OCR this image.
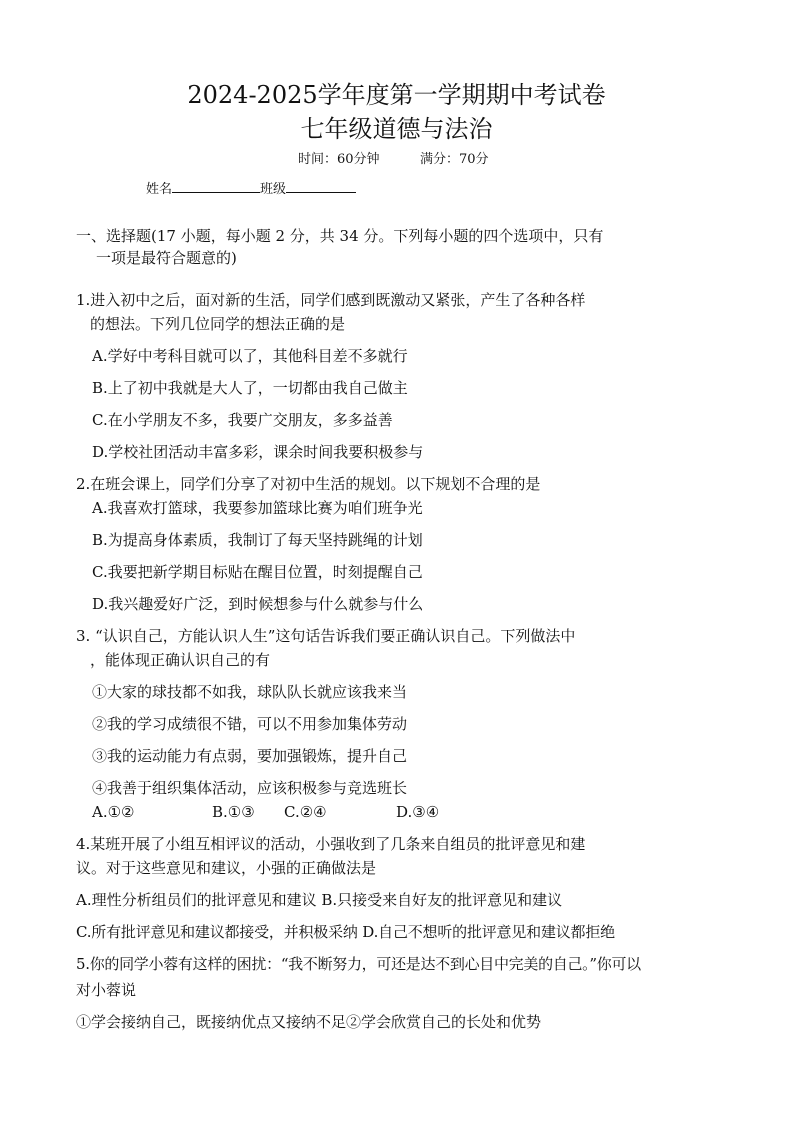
2024-2025学年度第一学期期中考试卷
七年级道德与法治
时间：60分钟	满分：70分
姓名	班级
一、选择题(17 小题，每小题 2 分，共 34 分。下列每小题的四个选项中，只有
一项是最符合题意的)
1.进入初中之后，面对新的生活，同学们感到既激动又紧张，产生了各种各样
的想法。下列几位同学的想法正确的是
A.学好中考科目就可以了，其他科目差不多就行
B.上了初中我就是大人了，一切都由我自己做主
C.在小学朋友不多，我要广交朋友，多多益善
D.学校社团活动丰富多彩，课余时间我要积极参与
2.在班会课上，同学们分享了对初中生活的规划。以下规划不合理的是
A.我喜欢打篮球，我要参加篮球比赛为咱们班争光
B.为提高身体素质，我制订了每天坚持跳绳的计划
C.我要把新学期目标贴在醒目位置，时刻提醒自己
D.我兴趣爱好广泛，到时候想参与什么就参与什么
3. “认识自己，方能认识人生”这句话告诉我们要正确认识自己。下列做法中
，能体现正确认识自己的有
①大家的球技都不如我，球队队长就应该我来当
②我的学习成绩很不错，可以不用参加集体劳动
③我的运动能力有点弱，要加强锻炼，提升自己
④我善于组织集体活动，应该积极参与竞选班长
A.①②	B.①③ C.②④	D.③④
4.某班开展了小组互相评议的活动，小强收到了几条来自组员的批评意见和建
议。对于这些意见和建议，小强的正确做法是
A.理性分析组员们的批评意见和建议 B.只接受来自好友的批评意见和建议
C.所有批评意见和建议都接受，并积极采纳 D.自己不想听的批评意见和建议都拒绝
5.你的同学小蓉有这样的困扰：“我不断努力，可还是达不到心目中完美的自己。”你可以
对小蓉说
①学会接纳自己，既接纳优点又接纳不足②学会欣赏自己的长处和优势
